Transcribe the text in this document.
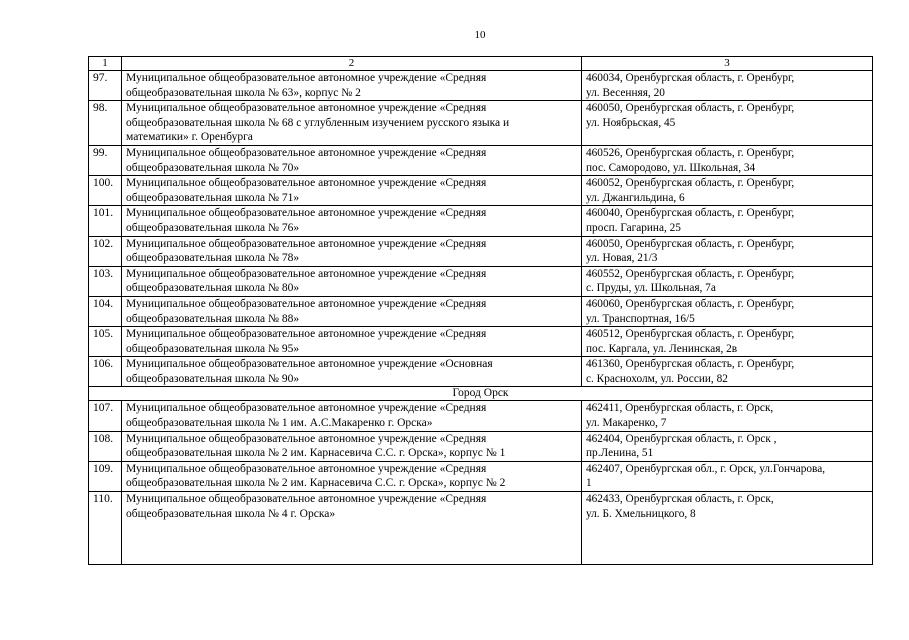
10
1	2	3
97.	Муниципальное общеобразовательное автономное учреждение «Средняя
общеобразовательная школа № 63», корпус № 2	460034, Оренбургская область, г. Оренбург,
ул. Весенняя, 20

98.	Муниципальное общеобразовательное автономное учреждение «Средняя
общеобразовательная школа № 68 с углубленным изучением русского языка и
математики» г. Оренбурга	460050, Оренбургская область, г. Оренбург,
ул. Ноябрьская, 45

99.	Муниципальное общеобразовательное автономное учреждение «Средняя
общеобразовательная школа № 70»	460526, Оренбургская область, г. Оренбург,
пос. Самородово, ул. Школьная, 34

100.	Муниципальное общеобразовательное автономное учреждение «Средняя
общеобразовательная школа № 71»	460052, Оренбургская область, г. Оренбург,
ул. Джангильдина, 6

101.	Муниципальное общеобразовательное автономное учреждение «Средняя
общеобразовательная школа № 76»	460040, Оренбургская область, г. Оренбург,
просп. Гагарина, 25

102.	Муниципальное общеобразовательное автономное учреждение «Средняя
общеобразовательная школа № 78»	460050, Оренбургская область, г. Оренбург,
ул. Новая, 21/3

103.	Муниципальное общеобразовательное автономное учреждение «Средняя
общеобразовательная школа № 80»	460552, Оренбургская область, г. Оренбург,
с. Пруды, ул. Школьная, 7а

104.	Муниципальное общеобразовательное автономное учреждение «Средняя
общеобразовательная школа № 88»	460060, Оренбургская область, г. Оренбург,
ул. Транспортная, 16/5

105.	Муниципальное общеобразовательное автономное учреждение «Средняя
общеобразовательная школа № 95»	460512, Оренбургская область, г. Оренбург,
пос. Каргала, ул. Ленинская, 2в

106.	Муниципальное общеобразовательное автономное учреждение «Основная
общеобразовательная школа № 90»	461360, Оренбургская область, г. Оренбург,
с. Краснохолм, ул. России, 82

Город Орск		
107.	Муниципальное общеобразовательное автономное учреждение «Средняя
общеобразовательная школа № 1 им. А.С.Макаренко г. Орска»	462411, Оренбургская область, г. Орск,
ул. Макаренко, 7

108.	Муниципальное общеобразовательное автономное учреждение «Средняя
общеобразовательная школа № 2 им. Карнасевича С.С. г. Орска», корпус № 1	462404, Оренбургская область, г. Орск ,
пр.Ленина, 51

109.	Муниципальное общеобразовательное автономное учреждение «Средняя
общеобразовательная школа № 2 им. Карнасевича С.С. г. Орска», корпус № 2	462407, Оренбургская обл., г. Орск, ул.Гончарова,
1

110.	Муниципальное общеобразовательное автономное учреждение «Средняя
общеобразовательная школа № 4 г. Орска»	462433, Оренбургская область, г. Орск,
ул. Б. Хмельницкого, 8
